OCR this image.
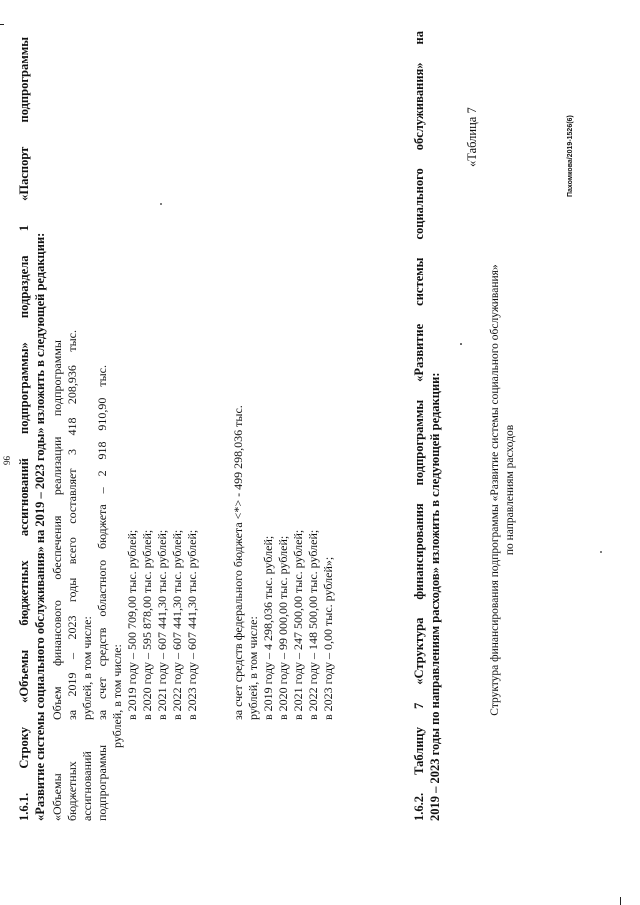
96 1.6.1. Строку «Объемы бюджетных ассигнований подпрограммы» подраздела 1 «Паспорт подпрограммы «Развитие системы социального обслуживания» на 2019 – 2023 годы» изложить в следующей редакции: «Объемы бюджетных ассигнований подпрограммы
Объем финансового обеспечения реализации подпрограммы за 2019 – 2023 годы всего составляет 3 418 208,936 тыс. рублей, в том числе: за счет средств областного бюджета – 2 918 910,90 тыс. рублей, в том числе: в 2019 году – 500 709,00 тыс. рублей; в 2020 году – 595 878,00 тыс. рублей; в 2021 году – 607 441,30 тыс. рублей; в 2022 году – 607 441,30 тыс. рублей; в 2023 году – 607 441,30 тыс. рублей;	за счет средств федерального бюджета <*> - 499 298,036 тыс. рублей, в том числе: в 2019 году – 4 298,036 тыс. рублей; в 2020 году – 99 000,00 тыс. рублей; в 2021 году – 247 500,00 тыс. рублей; в 2022 году – 148 500,00 тыс. рублей; в 2023 году – 0,00 тыс. рублей»;	1.6.2. Таблицу 7 «Структура финансирования подпрограммы «Развитие системы социального обслуживания» на 2019 – 2023 годы по направлениям расходов» изложить в следующей редакции:
«Таблица 7
Структура финансирования подпрограммы «Развитие системы социального обслуживания» по направлениям расходов
Пахомкова/2019-1526(6)
